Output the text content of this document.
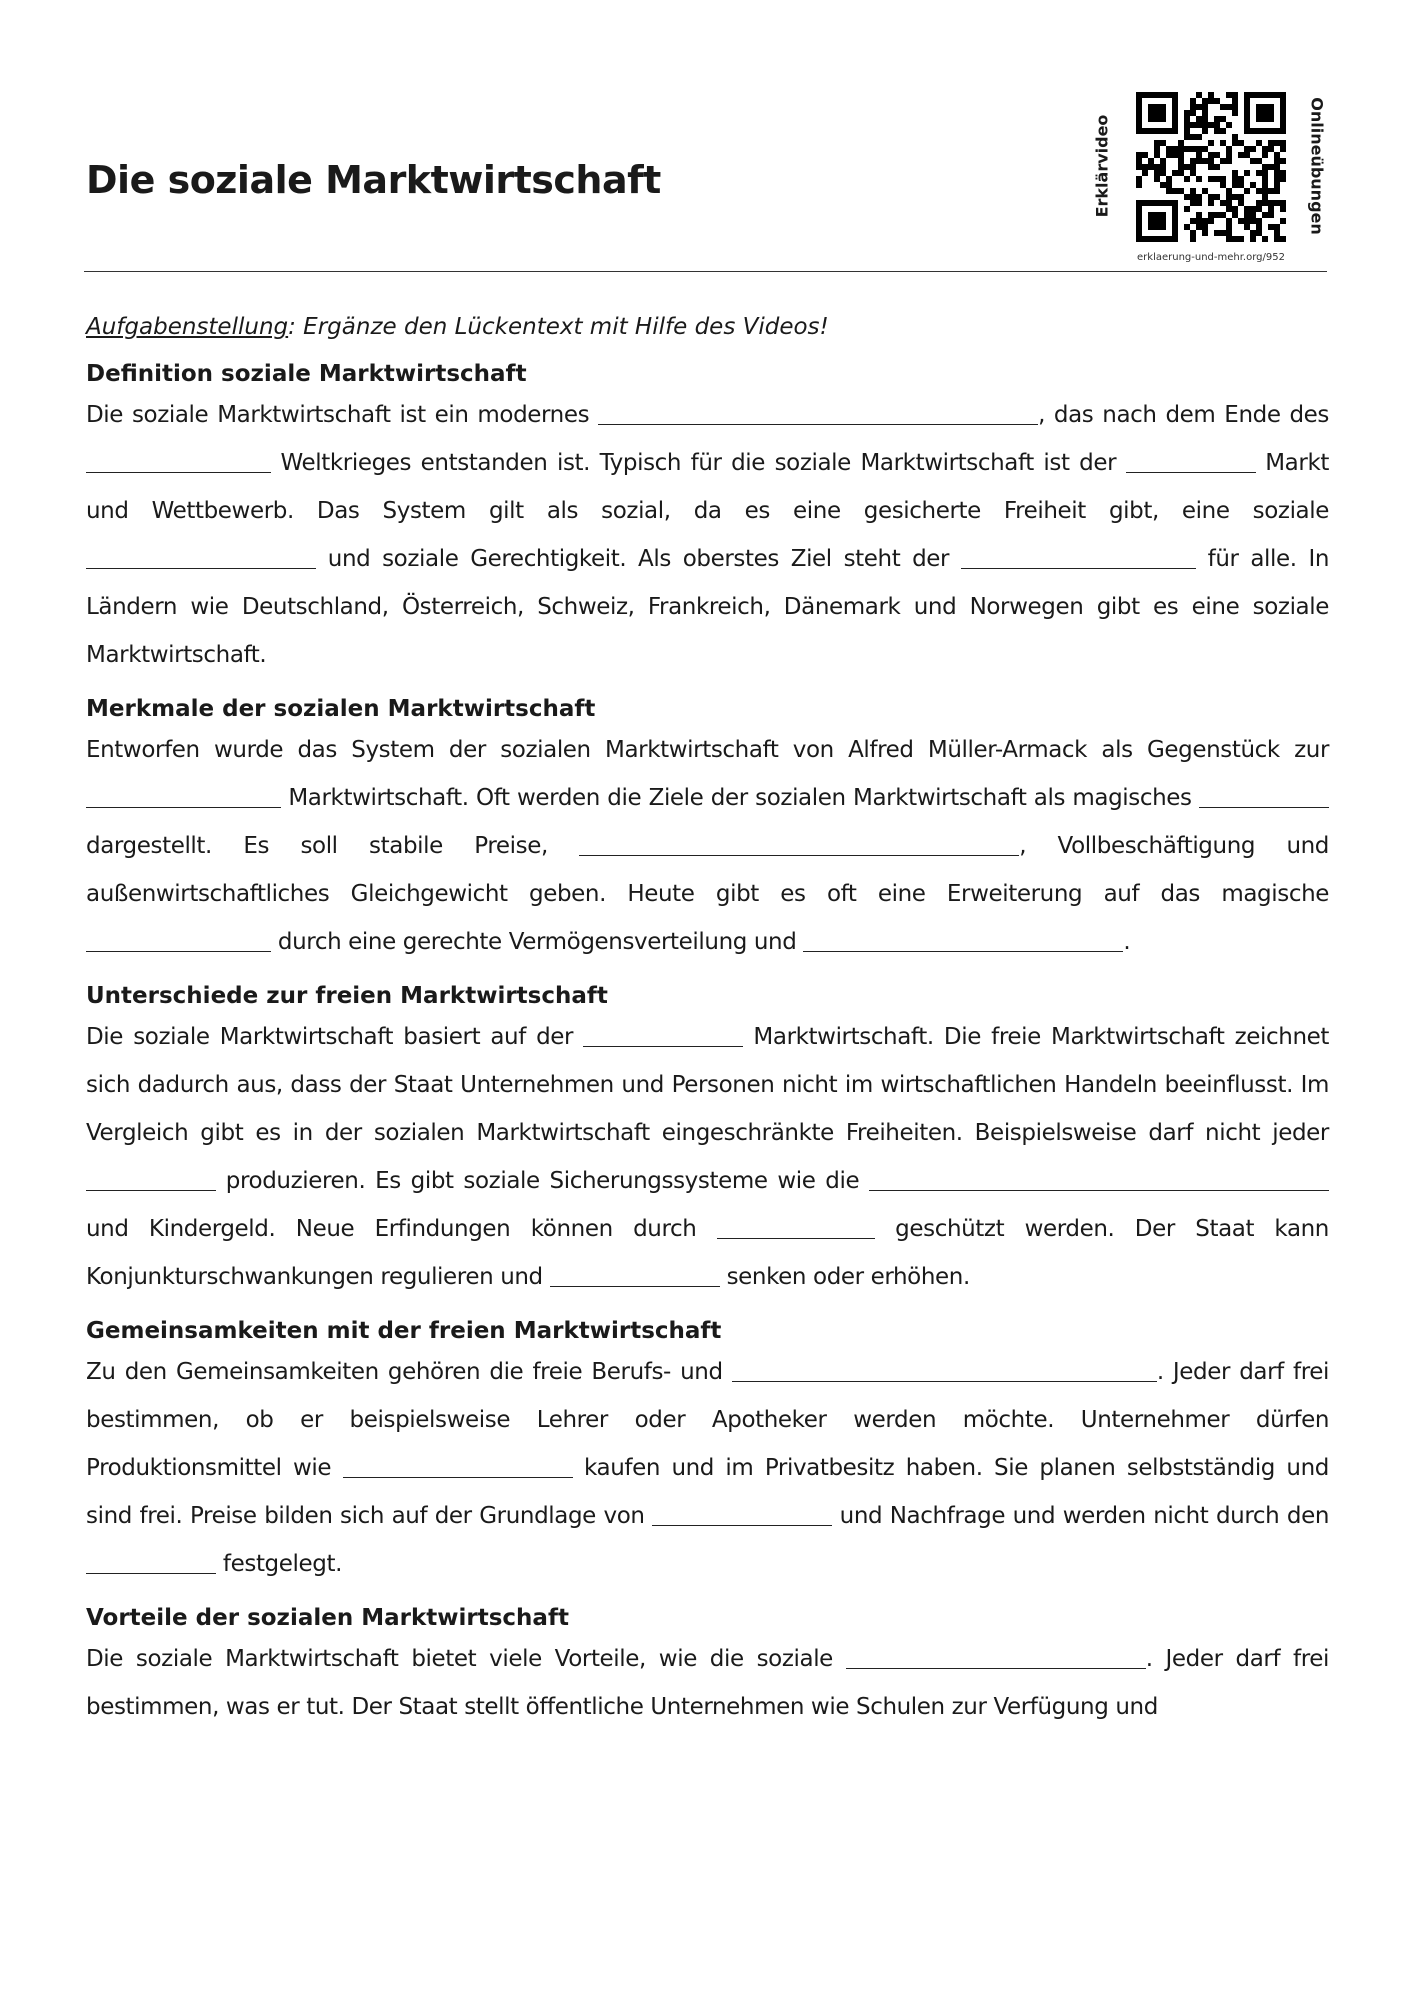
Die soziale Marktwirtschaft	Erklärvideo	Onlineübungen
erklaerung-und-mehr.org/952

Aufgabenstellung: Ergänze den Lückentext mit Hilfe des Videos!

Definition soziale Marktwirtschaft

Die soziale Marktwirtschaft ist ein modernes	, das nach dem Ende des  Weltkrieges entstanden ist. Typisch für die soziale Marktwirtschaft ist der	Markt und Wettbewerb. Das System gilt als sozial, da es eine gesicherte Freiheit gibt, eine soziale  und soziale Gerechtigkeit. Als oberstes Ziel steht der	für alle. In Ländern wie Deutschland, Österreich, Schweiz, Frankreich, Dänemark und Norwegen gibt es eine soziale Marktwirtschaft.

Merkmale der sozialen Marktwirtschaft

Entworfen wurde das System der sozialen Marktwirtschaft von Alfred Müller-Armack als Gegenstück zur  Marktwirtschaft. Oft werden die Ziele der sozialen Marktwirtschaft als magisches  dargestellt. Es soll stabile Preise,	, Vollbeschäftigung und außenwirtschaftliches Gleichgewicht geben. Heute gibt es oft eine Erweiterung auf das magische  durch eine gerechte Vermögensverteilung und	.

Unterschiede zur freien Marktwirtschaft

Die soziale Marktwirtschaft basiert auf der	Marktwirtschaft. Die freie Marktwirtschaft zeichnet sich dadurch aus, dass der Staat Unternehmen und Personen nicht im wirtschaftlichen Handeln beeinflusst. Im Vergleich gibt es in der sozialen Marktwirtschaft eingeschränkte Freiheiten. Beispielsweise darf nicht jeder  produzieren. Es gibt soziale Sicherungssysteme wie die  und Kindergeld. Neue Erfindungen können durch	geschützt werden. Der Staat kann Konjunkturschwankungen regulieren und	senken oder erhöhen.

Gemeinsamkeiten mit der freien Marktwirtschaft

Zu den Gemeinsamkeiten gehören die freie Berufs- und	. Jeder darf frei bestimmen, ob er beispielsweise Lehrer oder Apotheker werden möchte. Unternehmer dürfen Produktionsmittel wie	kaufen und im Privatbesitz haben. Sie planen selbstständig und sind frei. Preise bilden sich auf der Grundlage von	und Nachfrage und werden nicht durch den  festgelegt.

Vorteile der sozialen Marktwirtschaft

Die soziale Marktwirtschaft bietet viele Vorteile, wie die soziale	. Jeder darf frei bestimmen, was er tut. Der Staat stellt öffentliche Unternehmen wie Schulen zur Verfügung und
